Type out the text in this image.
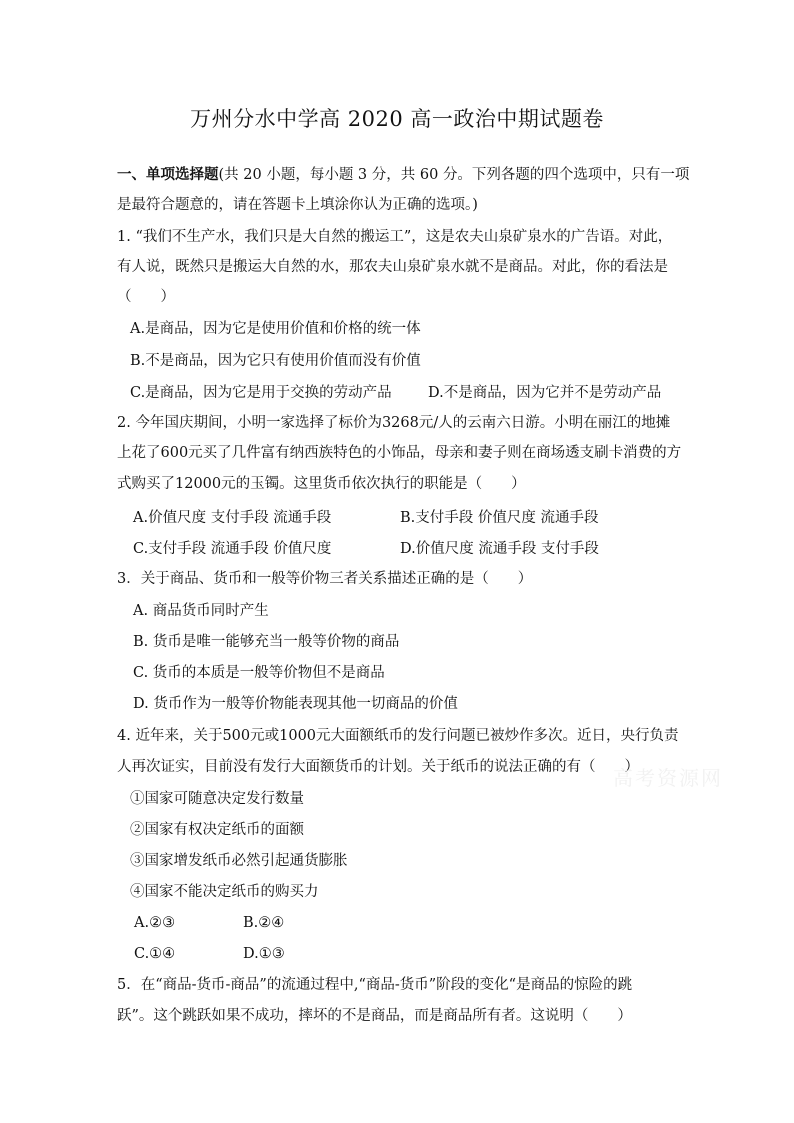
万州分水中学高 2020 高一政治中期试题卷
一、单项选择题(共 20 小题，每小题 3 分，共 60 分。下列各题的四个选项中，只有一项
是最符合题意的，请在答题卡上填涂你认为正确的选项。)
1. “我们不生产水，我们只是大自然的搬运工”，这是农夫山泉矿泉水的广告语。对此，
有人说，既然只是搬运大自然的水，那农夫山泉矿泉水就不是商品。对此，你的看法是
（　　）
A.是商品，因为它是使用价值和价格的统一体
B.不是商品，因为它只有使用价值而没有价值
C.是商品，因为它是用于交换的劳动产品	D.不是商品，因为它并不是劳动产品
2. 今年国庆期间，小明一家选择了标价为3268元/人的云南六日游。小明在丽江的地摊
上花了600元买了几件富有纳西族特色的小饰品，母亲和妻子则在商场透支刷卡消费的方
式购买了12000元的玉镯。这里货币依次执行的职能是（　　）
A.价值尺度 支付手段 流通手段	B.支付手段 价值尺度 流通手段
C.支付手段 流通手段 价值尺度	D.价值尺度 流通手段 支付手段
3．关于商品、货币和一般等价物三者关系描述正确的是（　　）
A. 商品货币同时产生
B. 货币是唯一能够充当一般等价物的商品
C. 货币的本质是一般等价物但不是商品
D. 货币作为一般等价物能表现其他一切商品的价值
4. 近年来，关于500元或1000元大面额纸币的发行问题已被炒作多次。近日，央行负责
人再次证实，目前没有发行大面额货币的计划。关于纸币的说法正确的有（　　）
①国家可随意决定发行数量
②国家有权决定纸币的面额
③国家增发纸币必然引起通货膨胀
④国家不能决定纸币的购买力
A.②③	B.②④
C.①④	D.①③
5．在“商品-货币-商品”的流通过程中,“商品-货币”阶段的变化“是商品的惊险的跳
跃”。这个跳跃如果不成功，摔坏的不是商品，而是商品所有者。这说明（　　）
高考资源网
